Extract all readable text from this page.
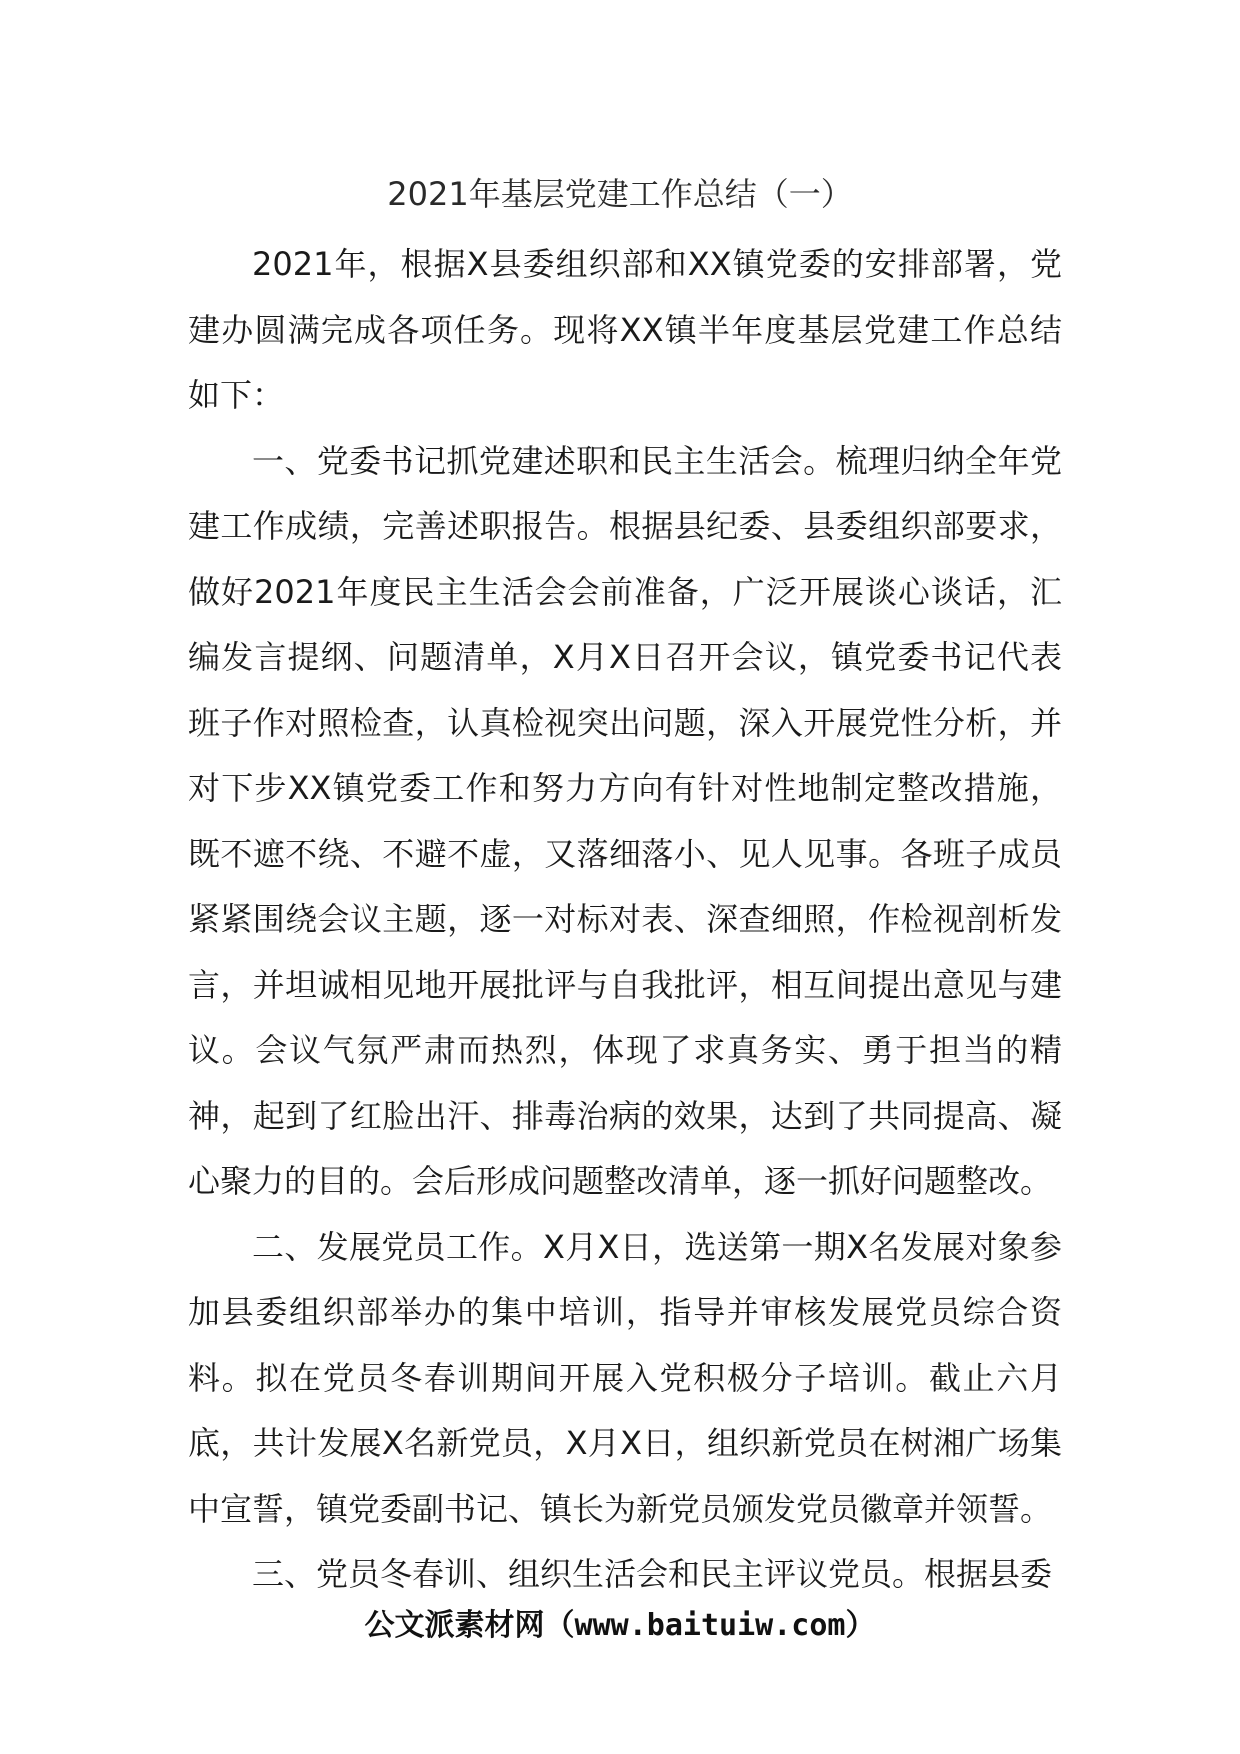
2021年基层党建工作总结（一）

2021年，根据X县委组织部和XX镇党委的安排部署，党建办圆满完成各项任务。现将XX镇半年度基层党建工作总结如下：

一、党委书记抓党建述职和民主生活会。梳理归纳全年党建工作成绩，完善述职报告。根据县纪委、县委组织部要求，做好2021年度民主生活会会前准备，广泛开展谈心谈话，汇编发言提纲、问题清单，X月X日召开会议，镇党委书记代表班子作对照检查，认真检视突出问题，深入开展党性分析，并对下步XX镇党委工作和努力方向有针对性地制定整改措施，既不遮不绕、不避不虚，又落细落小、见人见事。各班子成员紧紧围绕会议主题，逐一对标对表、深查细照，作检视剖析发言，并坦诚相见地开展批评与自我批评，相互间提出意见与建议。会议气氛严肃而热烈，体现了求真务实、勇于担当的精神，起到了红脸出汗、排毒治病的效果，达到了共同提高、凝心聚力的目的。会后形成问题整改清单，逐一抓好问题整改。

二、发展党员工作。X月X日，选送第一期X名发展对象参加县委组织部举办的集中培训，指导并审核发展党员综合资料。拟在党员冬春训期间开展入党积极分子培训。截止六月底，共计发展X名新党员，X月X日，组织新党员在树湘广场集中宣誓，镇党委副书记、镇长为新党员颁发党员徽章并领誓。

三、党员冬春训、组织生活会和民主评议党员。根据县委

公文派素材网（www.baituiw.com）
